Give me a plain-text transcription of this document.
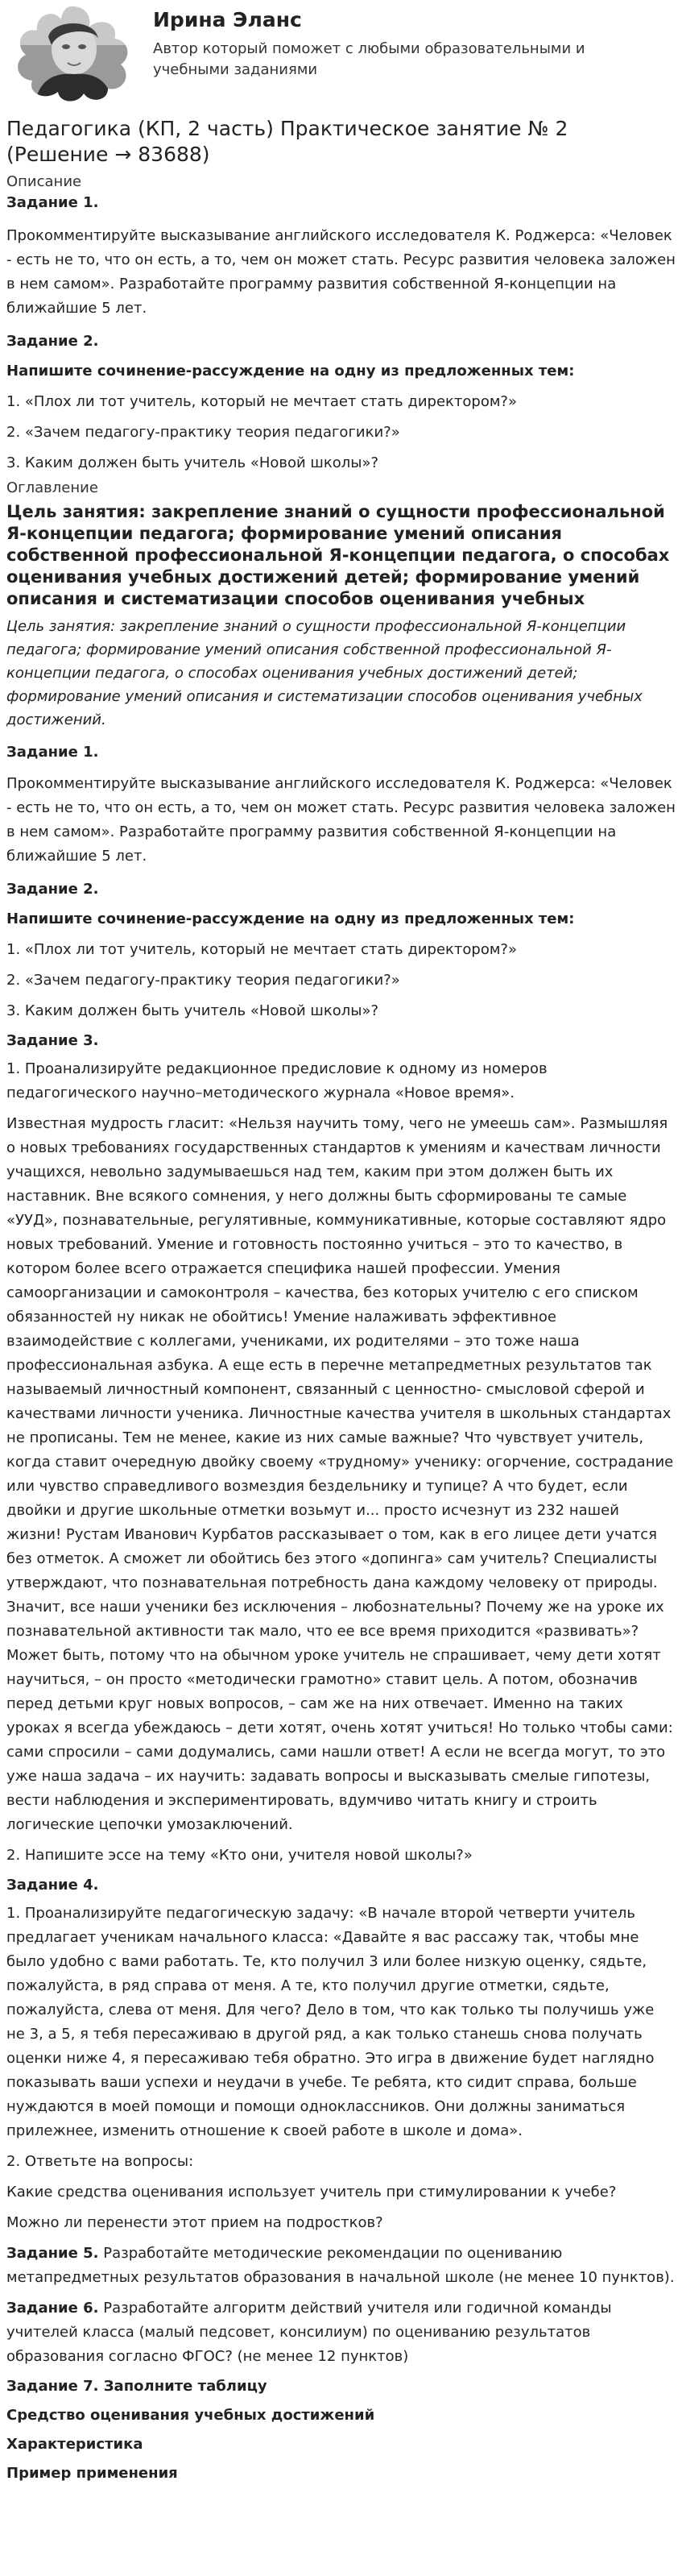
Ирина Эланс
Автор который поможет с любыми образовательными и учебными заданиями
Педагогика (КП, 2 часть) Практическое занятие № 2 (Решение → 83688)
Описание
Задание 1.

Прокомментируйте высказывание английского исследователя К. Роджерса: «Человек - есть не то, что он есть, а то, чем он может стать. Ресурс развития человека заложен в нем самом». Разработайте программу развития собственной Я-концепции на ближайшие 5 лет.

Задание 2.

Напишите сочинение-рассуждение на одну из предложенных тем:

1. «Плох ли тот учитель, который не мечтает стать директором?»

2. «Зачем педагогу-практику теория педагогики?»

3. Каким должен быть учитель «Новой школы»?

Оглавление
Цель занятия: закрепление знаний о сущности профессиональной Я-концепции педагога; формирование умений описания собственной профессиональной Я-концепции педагога, о способах оценивания учебных достижений детей; формирование умений описания и систематизации способов оценивания учебных

Цель занятия: закрепление знаний о сущности профессиональной Я-концепции педагога; формирование умений описания собственной профессиональной Я-концепции педагога, о способах оценивания учебных достижений детей; формирование умений описания и систематизации способов оценивания учебных достижений.

Задание 1.

Прокомментируйте высказывание английского исследователя К. Роджерса: «Человек - есть не то, что он есть, а то, чем он может стать. Ресурс развития человека заложен в нем самом». Разработайте программу развития собственной Я-концепции на ближайшие 5 лет.

Задание 2.

Напишите сочинение-рассуждение на одну из предложенных тем:

1. «Плох ли тот учитель, который не мечтает стать директором?»

2. «Зачем педагогу-практику теория педагогики?»

3. Каким должен быть учитель «Новой школы»?

Задание 3.

1. Проанализируйте редакционное предисловие к одному из номеров педагогического научно–методического журнала «Новое время».

Известная мудрость гласит: «Нельзя научить тому, чего не умеешь сам». Размышляя о новых требованиях государственных стандартов к умениям и качествам личности учащихся, невольно задумываешься над тем, каким при этом должен быть их наставник. Вне всякого сомнения, у него должны быть сформированы те самые «УУД», познавательные, регулятивные, коммуникативные, которые составляют ядро новых требований. Умение и готовность постоянно учиться – это то качество, в котором более всего отражается специфика нашей профессии. Умения самоорганизации и самоконтроля – качества, без которых учителю с его списком обязанностей ну никак не обойтись! Умение налаживать эффективное взаимодействие с коллегами, учениками, их родителями – это тоже наша профессиональная азбука. А еще есть в перечне метапредметных результатов так называемый личностный компонент, связанный с ценностно- смысловой сферой и качествами личности ученика. Личностные качества учителя в школьных стандартах не прописаны. Тем не менее, какие из них самые важные? Что чувствует учитель, когда ставит очередную двойку своему «трудному» ученику: огорчение, сострадание или чувство справедливого возмездия бездельнику и тупице? А что будет, если двойки и другие школьные отметки возьмут и... просто исчезнут из 232 нашей жизни! Рустам Иванович Курбатов рассказывает о том, как в его лицее дети учатся без отметок. А сможет ли обойтись без этого «допинга» сам учитель? Специалисты утверждают, что познавательная потребность дана каждому человеку от природы. Значит, все наши ученики без исключения – любознательны? Почему же на уроке их познавательной активности так мало, что ее все время приходится «развивать»? Может быть, потому что на обычном уроке учитель не спрашивает, чему дети хотят научиться, – он просто «методически грамотно» ставит цель. А потом, обозначив перед детьми круг новых вопросов, – сам же на них отвечает. Именно на таких уроках я всегда убеждаюсь – дети хотят, очень хотят учиться! Но только чтобы сами: сами спросили – сами додумались, сами нашли ответ! А если не всегда могут, то это уже наша задача – их научить: задавать вопросы и высказывать смелые гипотезы, вести наблюдения и экспериментировать, вдумчиво читать книгу и строить логические цепочки умозаключений.

2. Напишите эссе на тему «Кто они, учителя новой школы?»

Задание 4.

1. Проанализируйте педагогическую задачу: «В начале второй четверти учитель предлагает ученикам начального класса: «Давайте я вас рассажу так, чтобы мне было удобно с вами работать. Те, кто получил 3 или более низкую оценку, сядьте, пожалуйста, в ряд справа от меня. А те, кто получил другие отметки, сядьте, пожалуйста, слева от меня. Для чего? Дело в том, что как только ты получишь уже не 3, а 5, я тебя пересаживаю в другой ряд, а как только станешь снова получать оценки ниже 4, я пересаживаю тебя обратно. Это игра в движение будет наглядно показывать ваши успехи и неудачи в учебе. Те ребята, кто сидит справа, больше нуждаются в моей помощи и помощи одноклассников. Они должны заниматься прилежнее, изменить отношение к своей работе в школе и дома».

2. Ответьте на вопросы:

Какие средства оценивания использует учитель при стимулировании к учебе?

Можно ли перенести этот прием на подростков?

Задание 5. Разработайте методические рекомендации по оцениванию метапредметных результатов образования в начальной школе (не менее 10 пунктов).
Задание 6. Разработайте алгоритм действий учителя или годичной команды учителей класса (малый педсовет, консилиум) по оцениванию результатов образования согласно ФГОС? (не менее 12 пунктов)
Задание 7. Заполните таблицу
Средство оценивания учебных достижений
Характеристика
Пример применения
